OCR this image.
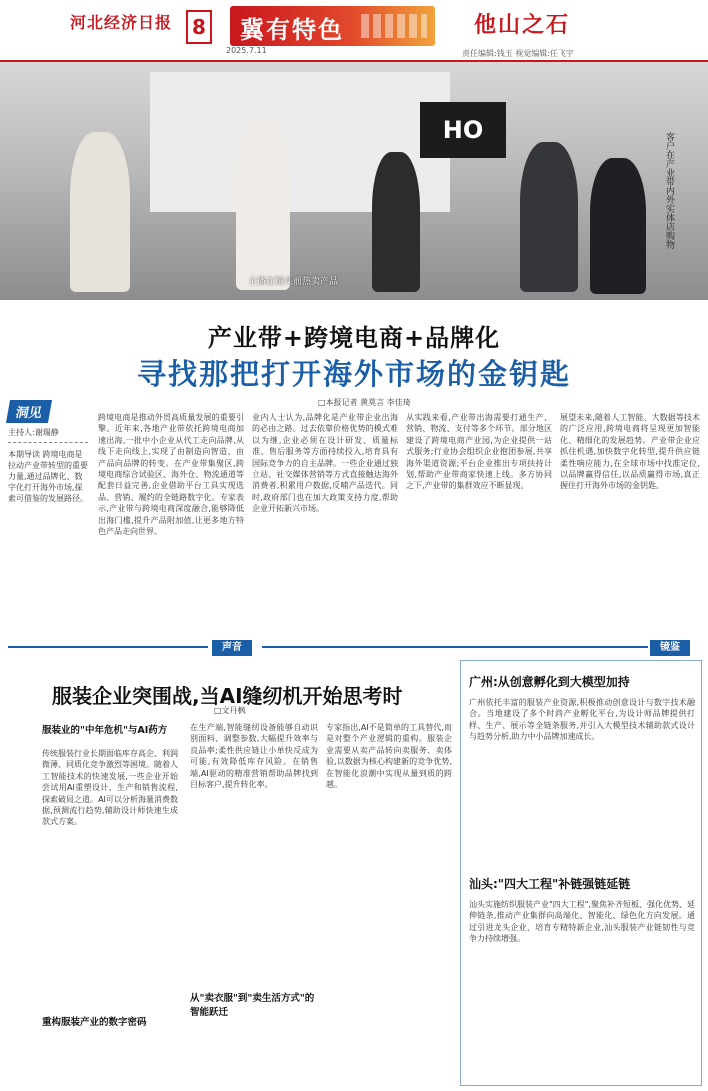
河北经济日报	8
2025.7.11
冀有特色	他山之石
责任编辑:钱玉 视觉编辑:任飞宇
HO
主播在镜头前热卖产品
客户在产业带内外实体店购物
产业带+跨境电商+品牌化
寻找那把打开海外市场的金钥匙
□本报记者 黄莫言 李佳琦
洞见
主持人:谢瑞静
本期导读 跨境电商是拉动产业带转型的重要力量,通过品牌化、数字化打开海外市场,探索可借鉴的发展路径。
跨境电商是推动外贸高质量发展的重要引擎。近年来,各地产业带依托跨境电商加速出海,一批中小企业从代工走向品牌,从线下走向线上,实现了由制造向智造、由产品向品牌的转变。在产业带集聚区,跨境电商综合试验区、海外仓、物流通道等配套日益完善,企业借助平台工具实现选品、营销、履约的全链路数字化。专家表示,产业带与跨境电商深度融合,能够降低出海门槛,提升产品附加值,让更多地方特色产品走向世界。
业内人士认为,品牌化是产业带企业出海的必由之路。过去依靠价格优势的模式难以为继,企业必须在设计研发、质量标准、售后服务等方面持续投入,培育具有国际竞争力的自主品牌。一些企业通过独立站、社交媒体营销等方式直接触达海外消费者,积累用户数据,反哺产品迭代。同时,政府部门也在加大政策支持力度,帮助企业开拓新兴市场。
从实践来看,产业带出海需要打通生产、营销、物流、支付等多个环节。部分地区建设了跨境电商产业园,为企业提供一站式服务;行业协会组织企业抱团参展,共享海外渠道资源;平台企业推出专项扶持计划,帮助产业带商家快速上线。多方协同之下,产业带的集群效应不断显现。
展望未来,随着人工智能、大数据等技术的广泛应用,跨境电商将呈现更加智能化、精细化的发展趋势。产业带企业应抓住机遇,加快数字化转型,提升供应链柔性响应能力,在全球市场中找准定位,以品牌赢得信任,以品质赢得市场,真正握住打开海外市场的金钥匙。
声音	镜鉴
服装企业突围战,当AI缝纫机开始思考时
□文丹枫
服装业的"中年危机"与AI药方
传统服装行业长期面临库存高企、利润微薄、同质化竞争激烈等困境。随着人工智能技术的快速发展,一些企业开始尝试用AI重塑设计、生产和销售流程,探索破局之道。AI可以分析海量消费数据,预测流行趋势,辅助设计师快速生成款式方案。
重构服装产业的数字密码
在生产端,智能缝纫设备能够自动识别面料、调整参数,大幅提升效率与良品率;柔性供应链让小单快反成为可能,有效降低库存风险。在销售端,AI驱动的精准营销帮助品牌找到目标客户,提升转化率。
从"卖衣服"到"卖生活方式"的智能跃迁
专家指出,AI不是简单的工具替代,而是对整个产业逻辑的重构。服装企业需要从卖产品转向卖服务、卖体验,以数据为核心构建新的竞争优势,在智能化浪潮中实现从量到质的跨越。
广州:从创意孵化到大模型加持
广州依托丰富的服装产业资源,积极推动创意设计与数字技术融合。当地建设了多个时尚产业孵化平台,为设计师品牌提供打样、生产、展示等全链条服务,并引入大模型技术辅助款式设计与趋势分析,助力中小品牌加速成长。
汕头:"四大工程"补链强链延链
汕头实施纺织服装产业"四大工程",聚焦补齐短板、强化优势、延伸链条,推动产业集群向高端化、智能化、绿色化方向发展。通过引进龙头企业、培育专精特新企业,汕头服装产业链韧性与竞争力持续增强。
